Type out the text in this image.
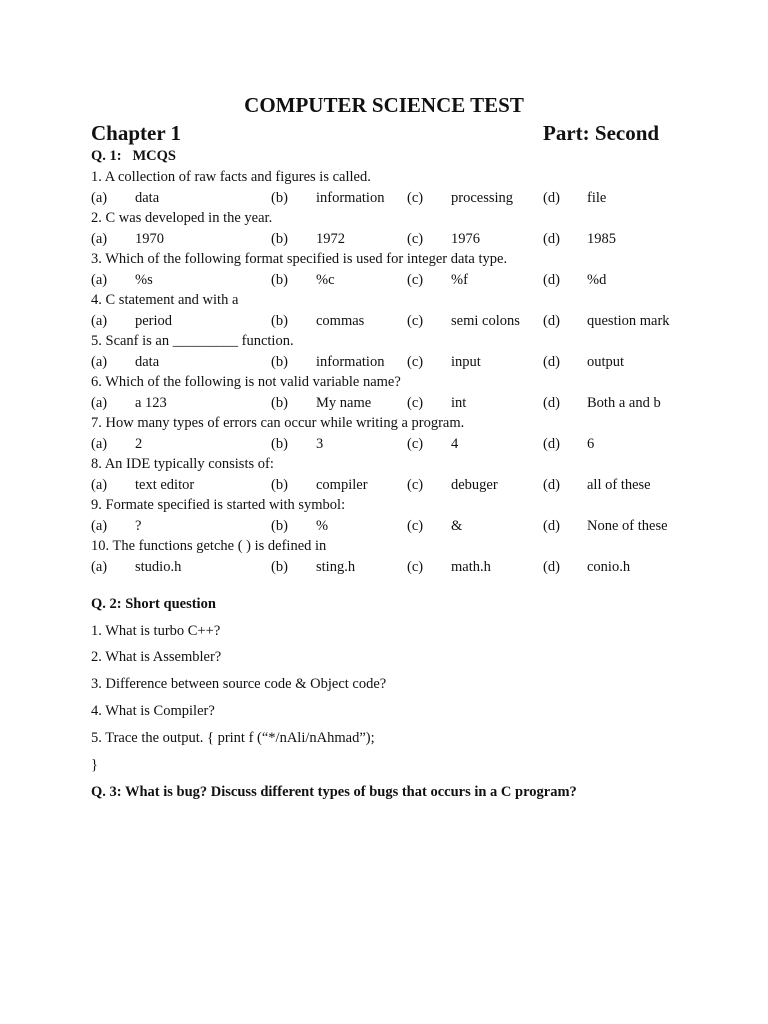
COMPUTER SCIENCE TEST
Chapter 1	Part: Second
Q. 1: MCQS
1. A collection of raw facts and figures is called.
(a) data	(b) information (c) processing (d) file
2. C was developed in the year.
(a) 1970	(b) 1972	(c) 1976	(d) 1985
3. Which of the following format specified is used for integer data type.
(a) %s	(b) %c	(c) %f	(d) %d
4. C statement and with a
(a) period	(b) commas	(c) semi colons (d) question mark
5. Scanf is an _________ function.
(a) data	(b) information (c) input	(d) output
6. Which of the following is not valid variable name?
(a) a 123	(b) My name (c) int	(d) Both a and b
7. How many types of errors can occur while writing a program.
(a) 2	(b) 3	(c) 4	(d) 6
8. An IDE typically consists of:
(a) text editor	(b) compiler	(c) debuger	(d) all of these
9. Formate specified is started with symbol:
(a) ?	(b) %	(c) &	(d) None of these
10. The functions getche ( ) is defined in
(a) studio.h	(b) sting.h	(c) math.h	(d) conio.h
Q. 2: Short question
1. What is turbo C++?
2. What is Assembler?
3. Difference between source code & Object code?
4. What is Compiler?
5. Trace the output. { print f (“*/nAli/nAhmad”);
}
Q. 3: What is bug? Discuss different types of bugs that occurs in a C program?
